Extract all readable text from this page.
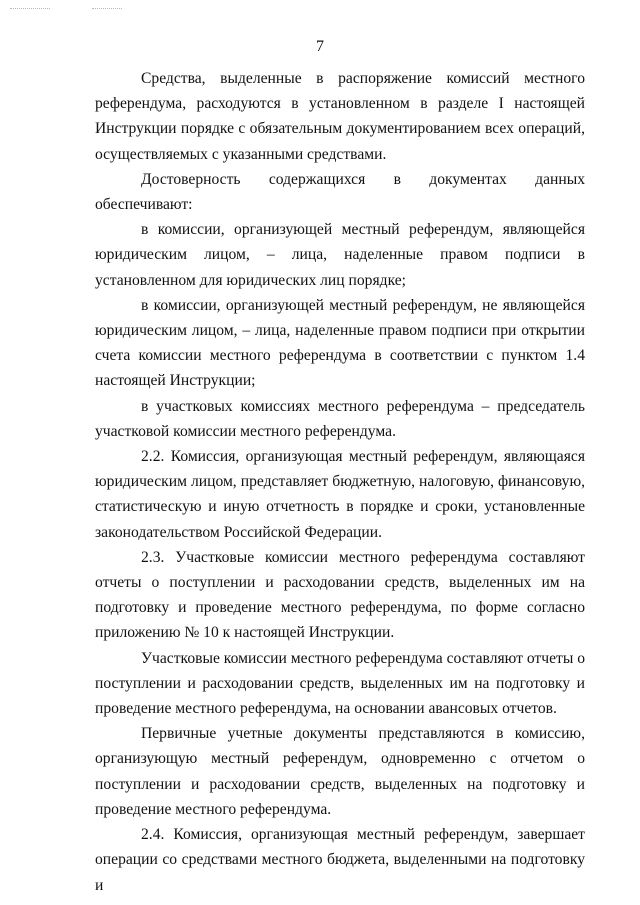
7

Средства, выделенные в распоряжение комиссий местного референдума, расходуются в установленном в разделе I настоящей Инструкции порядке с обязательным документированием всех операций, осуществляемых с указанными средствами.

Достоверность содержащихся в документах данных обеспечивают:

в комиссии, организующей местный референдум, являющейся юридическим лицом, – лица, наделенные правом подписи в установленном для юридических лиц порядке;

в комиссии, организующей местный референдум, не являющейся юридическим лицом, – лица, наделенные правом подписи при открытии счета комиссии местного референдума в соответствии с пунктом 1.4 настоящей Инструкции;

в участковых комиссиях местного референдума – председатель участковой комиссии местного референдума.

2.2. Комиссия, организующая местный референдум, являющаяся юридическим лицом, представляет бюджетную, налоговую, финансовую, статистическую и иную отчетность в порядке и сроки, установленные законодательством Российской Федерации.

2.3. Участковые комиссии местного референдума составляют отчеты о поступлении и расходовании средств, выделенных им на подготовку и проведение местного референдума, по форме согласно приложению № 10 к настоящей Инструкции.

Участковые комиссии местного референдума составляют отчеты о поступлении и расходовании средств, выделенных им на подготовку и проведение местного референдума, на основании авансовых отчетов.

Первичные учетные документы представляются в комиссию, организующую местный референдум, одновременно с отчетом о поступлении и расходовании средств, выделенных на подготовку и проведение местного референдума.

2.4. Комиссия, организующая местный референдум, завершает операции со средствами местного бюджета, выделенными на подготовку и
